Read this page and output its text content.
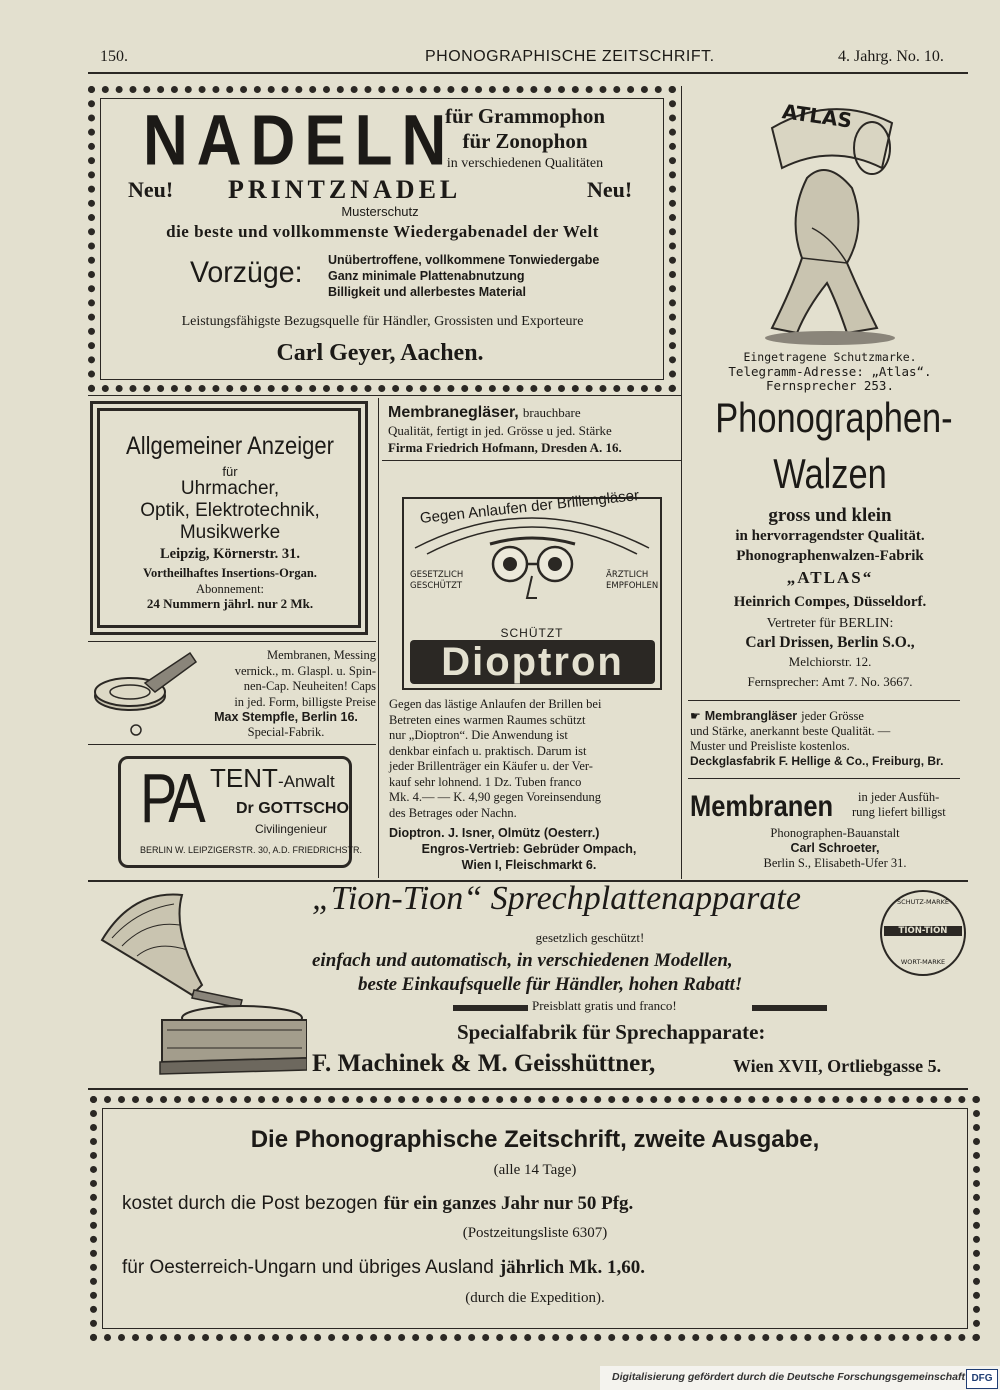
150.	PHONOGRAPHISCHE ZEITSCHRIFT.	4. Jahrg. No. 10.
NADELN
für Grammophon
für Zonophon
in verschiedenen Qualitäten
Neu! PRINTZNADEL	Neu!
Musterschutz
die beste und vollkommenste Wiedergabenadel der Welt
Vorzüge: Unübertroffene, vollkommene Tonwiedergabe
Ganz minimale Plattenabnutzung
Billigkeit und allerbestes Material
Leistungsfähigste Bezugsquelle für Händler, Grossisten und Exporteure
Carl Geyer, Aachen.
ATLAS
Eingetragene Schutzmarke.
Telegramm-Adresse: „Atlas“.
Fernsprecher 253.
Phonographen-
Walzen
gross und klein
in hervorragendster Qualität.
Phonographenwalzen-Fabrik
„ATLAS“
Heinrich Compes, Düsseldorf.
Vertreter für BERLIN:
Carl Drissen, Berlin S.O.,
Melchiorstr. 12.
Fernsprecher: Amt 7. No. 3667.
Allgemeiner Anzeiger
für
Uhrmacher,
Optik, Elektrotechnik,
Musikwerke
Leipzig, Körnerstr. 31.
Vortheilhaftes Insertions-Organ.
Abonnement:
24 Nummern jährl. nur 2 Mk.
Membranegläser, brauchbare
Qualität, fertigt in jed. Grösse u jed. Stärke
Firma Friedrich Hofmann, Dresden A. 16.
Gegen Anlaufen der Brillengläser
GESETZLICH
GESCHÜTZT
ÄRZTLICH
EMPFOHLEN
SCHÜTZT
Dioptron
Gegen das lästige Anlaufen der Brillen bei
Betreten eines warmen Raumes schützt
nur „Dioptron“. Die Anwendung ist
denkbar einfach u. praktisch. Darum ist
jeder Brillenträger ein Käufer u. der Ver-
kauf sehr lohnend. 1 Dz. Tuben franco
Mk. 4.— — K. 4,90 gegen Voreinsendung
des Betrages oder Nachn.
Dioptron. J. Isner, Olmütz (Oesterr.)
Engros-Vertrieb: Gebrüder Ompach,
Wien I, Fleischmarkt 6.
Membranen, Messing
vernick., m. Glaspl. u. Spin-
nen-Cap. Neuheiten! Caps
in jed. Form, billigste Preise
Max Stempfle, Berlin 16.
Special-Fabrik.
PA TENT -Anwalt
Dr GOTTSCHO
Civilingenieur
BERLIN W. LEIPZIGERSTR. 30, A.D. FRIEDRICHSTR.
☛ Membrangläser jeder Grösse
und Stärke, anerkannt beste Qualität. —
Muster und Preisliste kostenlos.
Deckglasfabrik F. Hellige & Co., Freiburg, Br.
Membranen in jeder Ausfüh-
rung liefert billigst
Phonographen-Bauanstalt
Carl Schroeter,
Berlin S., Elisabeth-Ufer 31.
„Tion-Tion“ Sprechplattenapparate
gesetzlich geschützt!
einfach und automatisch, in verschiedenen Modellen,
beste Einkaufsquelle für Händler, hohen Rabatt!
Preisblatt gratis und franco!
Specialfabrik für Sprechapparate:
F. Machinek & M. Geisshüttner,	Wien XVII, Ortliebgasse 5.
SCHUTZ-MARKE
TION-TION
WORT-MARKE
Die Phonographische Zeitschrift, zweite Ausgabe,
(alle 14 Tage)
kostet durch die Post bezogen für ein ganzes Jahr nur 50 Pfg.
(Postzeitungsliste 6307)
für Oesterreich-Ungarn und übriges Ausland jährlich Mk. 1,60.
(durch die Expedition).
Digitalisierung gefördert durch die Deutsche Forschungsgemeinschaft DFG
